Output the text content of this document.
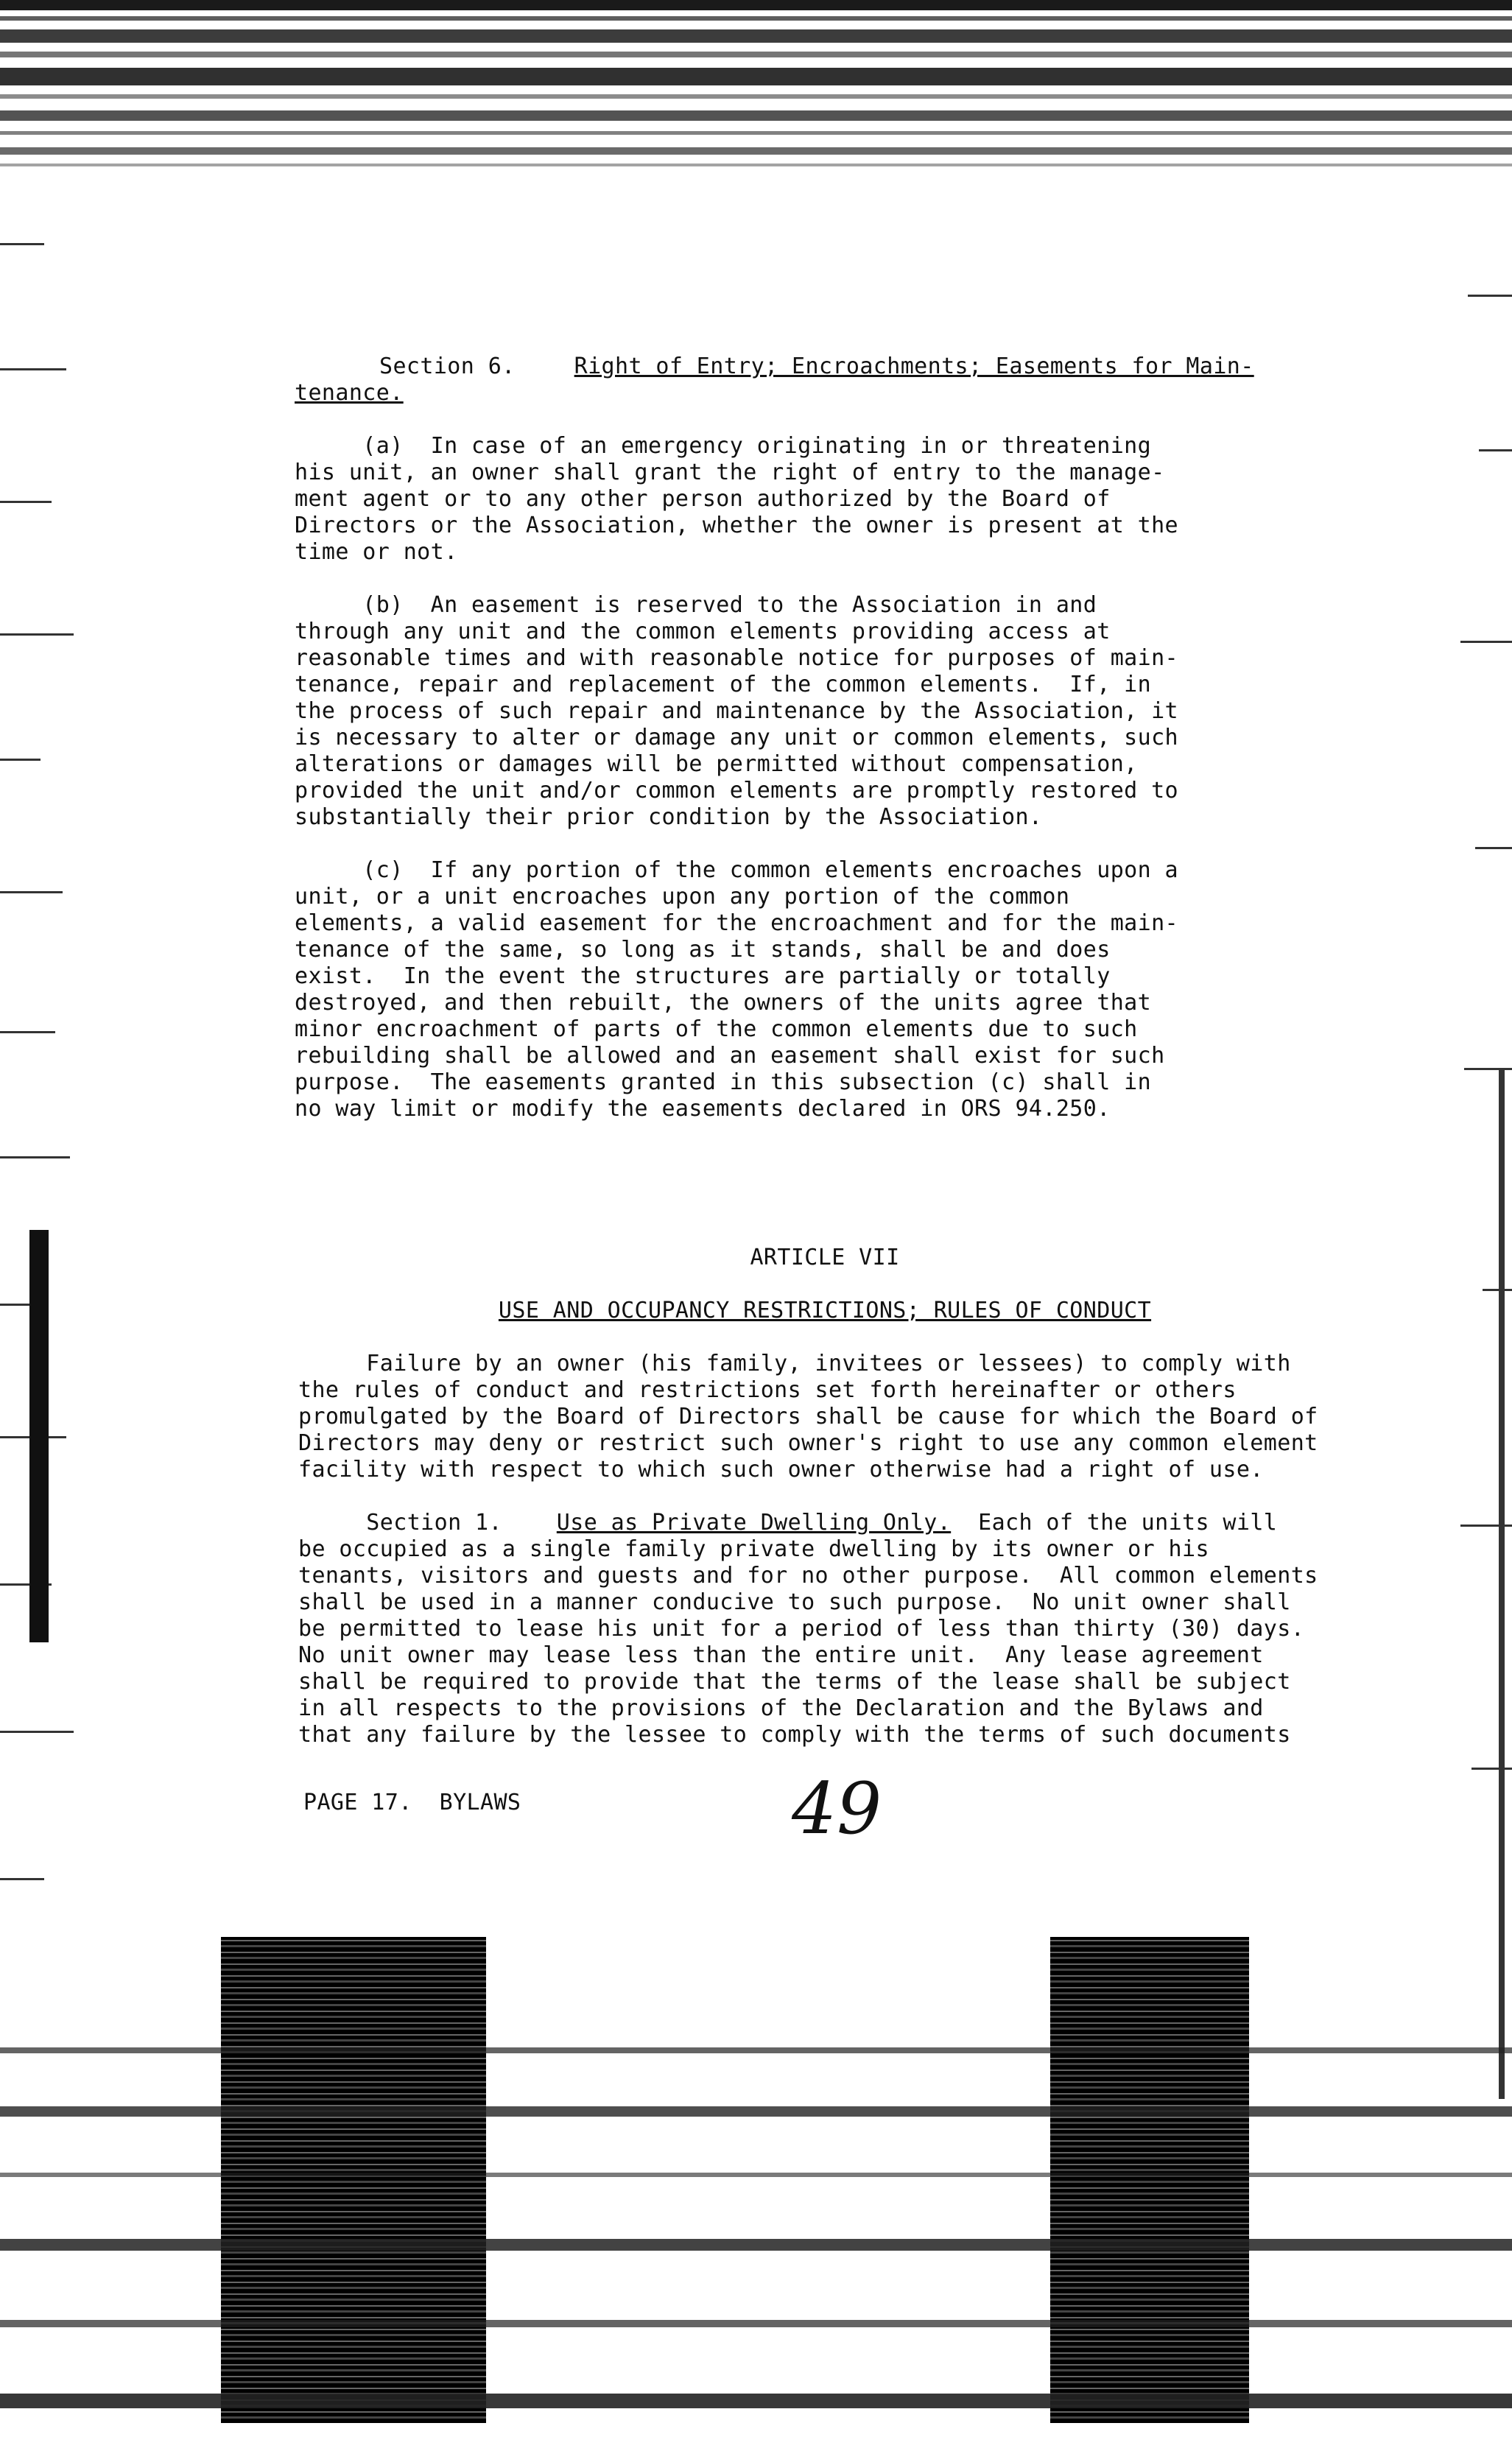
Section 6.	Right of Entry; Encroachments; Easements for Main-
tenance.
(a)  In case of an emergency originating in or threatening
his unit, an owner shall grant the right of entry to the manage-
ment agent or to any other person authorized by the Board of
Directors or the Association, whether the owner is present at the
time or not.
(b)  An easement is reserved to the Association in and
through any unit and the common elements providing access at
reasonable times and with reasonable notice for purposes of main-
tenance, repair and replacement of the common elements.  If, in
the process of such repair and maintenance by the Association, it
is necessary to alter or damage any unit or common elements, such
alterations or damages will be permitted without compensation,
provided the unit and/or common elements are promptly restored to
substantially their prior condition by the Association.
(c)  If any portion of the common elements encroaches upon a
unit, or a unit encroaches upon any portion of the common
elements, a valid easement for the encroachment and for the main-
tenance of the same, so long as it stands, shall be and does
exist.  In the event the structures are partially or totally
destroyed, and then rebuilt, the owners of the units agree that
minor encroachment of parts of the common elements due to such
rebuilding shall be allowed and an easement shall exist for such
purpose.  The easements granted in this subsection (c) shall in
no way limit or modify the easements declared in ORS 94.250.
ARTICLE VII
USE AND OCCUPANCY RESTRICTIONS; RULES OF CONDUCT
Failure by an owner (his family, invitees or lessees) to comply with
the rules of conduct and restrictions set forth hereinafter or others
promulgated by the Board of Directors shall be cause for which the Board of
Directors may deny or restrict such owner's right to use any common element
facility with respect to which such owner otherwise had a right of use.
Section 1. Use as Private Dwelling Only.  Each of the units will
be occupied as a single family private dwelling by its owner or his
tenants, visitors and guests and for no other purpose.  All common elements
shall be used in a manner conducive to such purpose.  No unit owner shall
be permitted to lease his unit for a period of less than thirty (30) days.
No unit owner may lease less than the entire unit.  Any lease agreement
shall be required to provide that the terms of the lease shall be subject
in all respects to the provisions of the Declaration and the Bylaws and
that any failure by the lessee to comply with the terms of such documents
PAGE 17.  BYLAWS	49
